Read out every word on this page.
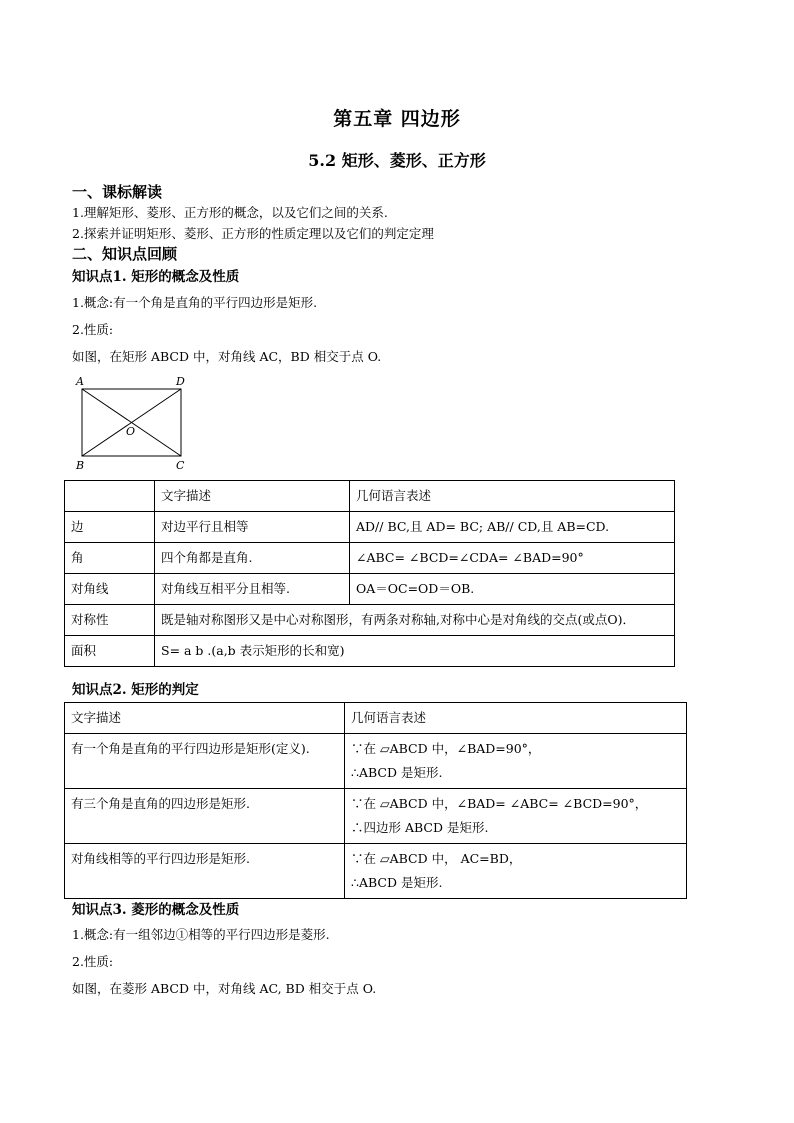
第五章 四边形
5.2 矩形、菱形、正方形
一、课标解读
1.理解矩形、菱形、正方形的概念，以及它们之间的关系.
2.探索并证明矩形、菱形、正方形的性质定理以及它们的判定定理
二、知识点回顾
知识点1. 矩形的概念及性质
1.概念:有一个角是直角的平行四边形是矩形.
2.性质:
如图，在矩形 ABCD 中，对角线 AC，BD 相交于点 O.
A	D
B	C
O
	文字描述	几何语言表述
边	对边平行且相等	AD// BC,且 AD= BC; AB// CD,且 AB=CD.
角	四个角都是直角.	∠ABC= ∠BCD=∠CDA= ∠BAD=90°
对角线	对角线互相平分且相等.	OA＝OC=OD＝OB.
对称性	既是轴对称图形又是中心对称图形，有两条对称轴,对称中心是对角线的交点(或点O)．	
面积	S= a b .(a,b 表示矩形的长和宽)	
知识点2. 矩形的判定
文字描述	几何语言表述
有一个角是直角的平行四边形是矩形(定义).	∵在 ▱ABCD 中，∠BAD=90°，
∴ABCD 是矩形.

有三个角是直角的四边形是矩形.	∵在 ▱ABCD 中，∠BAD= ∠ABC= ∠BCD=90°，
∴四边形 ABCD 是矩形.

对角线相等的平行四边形是矩形.	∵在 ▱ABCD 中， AC=BD，
∴ABCD 是矩形.
知识点3. 菱形的概念及性质
1.概念:有一组邻边①相等的平行四边形是菱形.
2.性质:
如图，在菱形 ABCD 中，对角线 AC, BD 相交于点 O.
